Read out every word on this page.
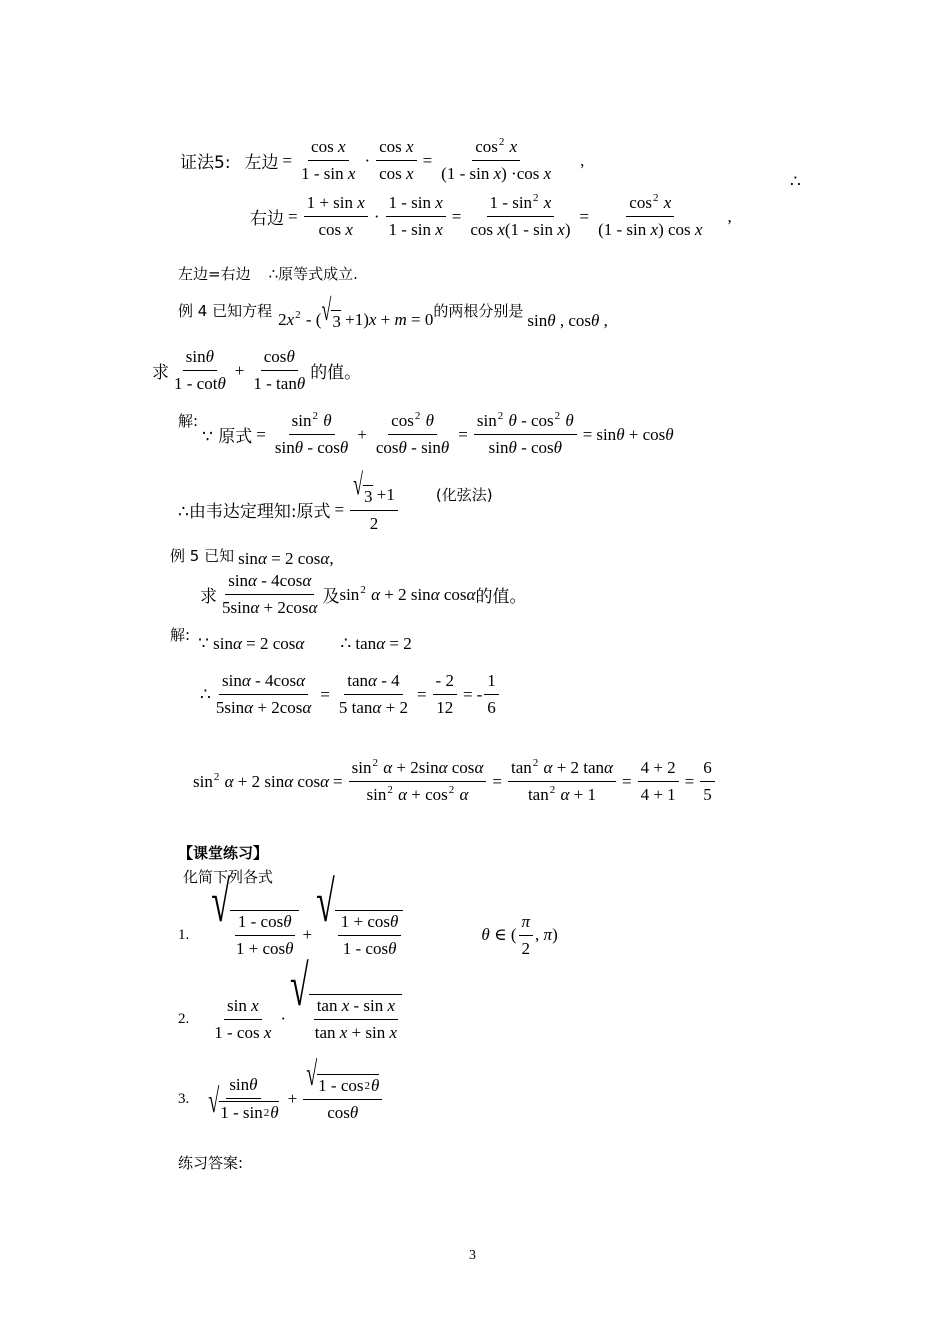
证法5: 左边 = $\frac{\text{cos x}}{\text{1 - sin x}} \cdot \frac{\text{cos x}}{\text{cos x}} = \frac{\cos^2 x}{\text{(1 - sin x) ·cos x}}$ ,
∴
右边 = $\frac{\text{1 + sin x}}{\text{cos x}} \cdot \frac{\text{1 - sin x}}{\text{1 - sin x}} = \frac{1 - \sin^2 x}{\text{cos x(1 - sin x)}} = \frac{\cos^2 x}{\text{(1 - sin x) cos x}}$ ,
左边=右边 ∴原等式成立.
例 4 已知方程 $2x^2$ - ( √ 3 +1)x + m = 0 的两根分别是 sinθ , cosθ ,
求 $\frac{\sin\theta}{1 - \cot\theta} + \frac{\cos\theta}{1 - \tan\theta}$ 的值。
解:
∵ 原式 = $\frac{\sin^2 \theta}{\sin\theta - \cos\theta} + \frac{\cos^2 \theta}{\cos\theta - \sin\theta} = \frac{\sin^2 \theta - \cos^2 \theta}{\sin\theta - \cos\theta} = \sin\theta + \cos\theta$
∴由韦达定理知:原式 = $\frac{√ 3 +1}{2}$	(化弦法)
例 5 已知 sinα = 2 cosα ,
求 $\frac{\sin\alpha - 4\cos\alpha}{5\sin\alpha + 2\cos\alpha}$ 及 $\sin^2 \alpha + 2$ sinα cosα 的值。
解: ∵ sinα = 2 cosα ∴ tanα = 2
∴ $\frac{\sin\alpha - 4\cos\alpha}{5\sin\alpha + 2\cos\alpha} = \frac{\tan\alpha - 4}{5 \tan\alpha + 2} = \frac{- 2}{12}$ = - $\frac{1}{6}$
$\sin^2 \alpha + 2$ sinα $\cos\alpha = \frac{\sin^2 \alpha + 2\sin\alpha \cos\alpha}{\sin^2 \alpha + \cos^2 \alpha} = \frac{\tan^2 \alpha + 2 \tan\alpha}{\tan^2 \alpha + 1} = \frac{4 + 2}{4 + 1} = \frac{6}{5}$
【课堂练习】
化简下列各式
1. √
$\frac{1 - \cos\theta}{1 + \cos\theta}$ + √
$\frac{1 + \cos\theta}{1 - \cos\theta}$	θ ∈ ( $\frac{\pi}{2}$ , π)
2. $\frac{\text{sin x}}{\text{1 - cos x}}$ · √
$\frac{\text{tan x - sin x}}{\text{tan x + sin x}}$
3. $\frac{\sin\theta}{√ 1 - \sin 2 \theta} + \frac{√ 1 - \cos 2 \theta}{\cos\theta}$
练习答案:
3
